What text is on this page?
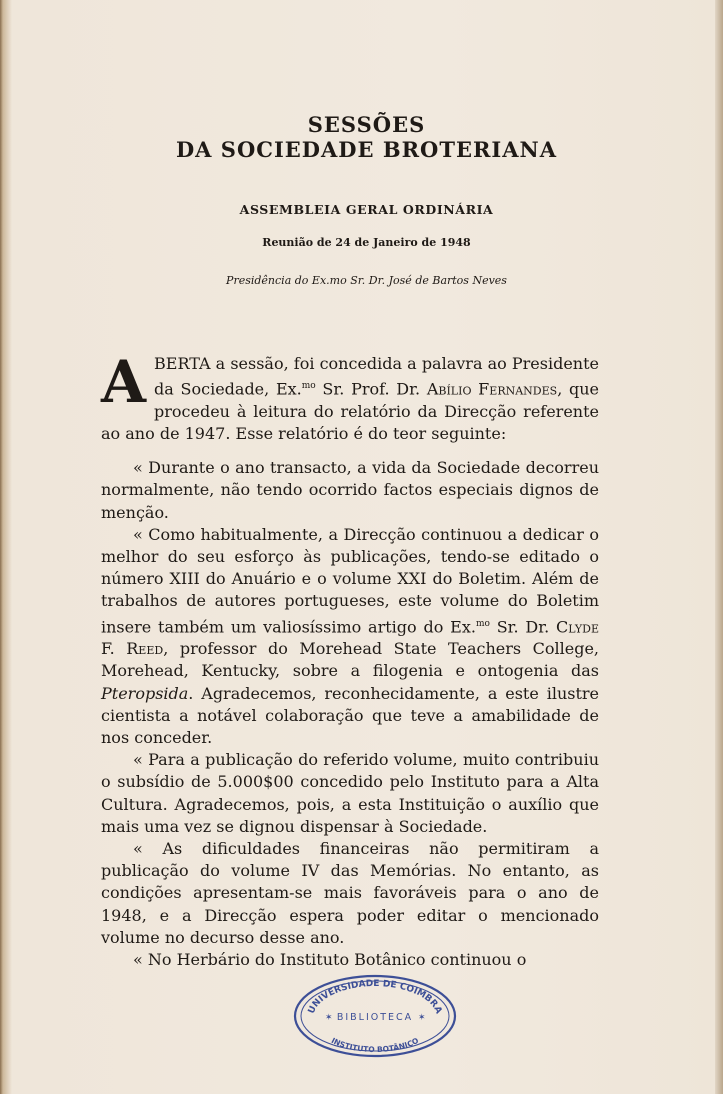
SESSÕES
DA SOCIEDADE BROTERIANA
ASSEMBLEIA GERAL ORDINÁRIA
Reunião de 24 de Janeiro de 1948
Presidência do Ex.mo Sr. Dr. José de Bartos Neves

ABERTA a sessão, foi concedida a palavra ao Presidente da Sociedade, Ex.$^{mo}$ Sr. Prof. Dr. Abílio Fernandes, que procedeu à leitura do relatório da Direcção referente ao ano de 1947. Esse relatório é do teor seguinte:

« Durante o ano transacto, a vida da Sociedade decorreu normalmente, não tendo ocorrido factos especiais dignos de menção.

« Como habitualmente, a Direcção continuou a dedicar o melhor do seu esforço às publicações, tendo-se editado o número XIII do Anuário e o volume XXI do Boletim. Além de trabalhos de autores portugueses, este volume do Boletim insere também um valiosíssimo artigo do Ex.$^{mo}$ Sr. Dr. Clyde F. Reed, professor do Morehead State Teachers College, Morehead, Kentucky, sobre a filogenia e ontogenia das Pteropsida. Agradecemos, reconhecidamente, a este ilustre cientista a notável colaboração que teve a amabilidade de nos conceder.

« Para a publicação do referido volume, muito contribuiu o subsídio de 5.000$00 concedido pelo Instituto para a Alta Cultura. Agradecemos, pois, a esta Instituição o auxílio que mais uma vez se dignou dispensar à Sociedade.

« As dificuldades financeiras não permitiram a publicação do volume IV das Memórias. No entanto, as condições apresentam-se mais favoráveis para o ano de 1948, e a Direcção espera poder editar o mencionado volume no decurso desse ano.

« No Herbário do Instituto Botânico continuou o

UNIVERSIDADE DE COIMBRA
BIBLIOTECA
✶	✶
INSTITUTO BOTÂNICO
